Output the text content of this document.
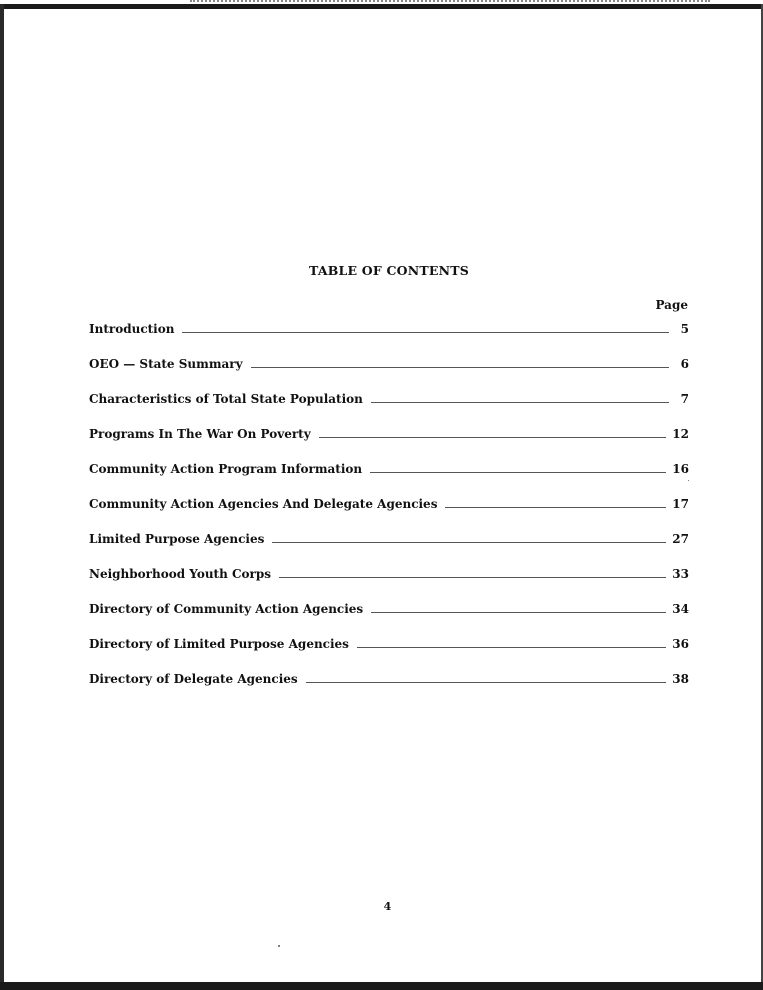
TABLE OF CONTENTS
Page
Introduction	5
OEO — State Summary	6
Characteristics of Total State Population	7
Programs In The War On Poverty	12
Community Action Program Information	16
Community Action Agencies And Delegate Agencies	17
Limited Purpose Agencies	27
Neighborhood Youth Corps	33
Directory of Community Action Agencies	34
Directory of Limited Purpose Agencies	36
Directory of Delegate Agencies	38
4
